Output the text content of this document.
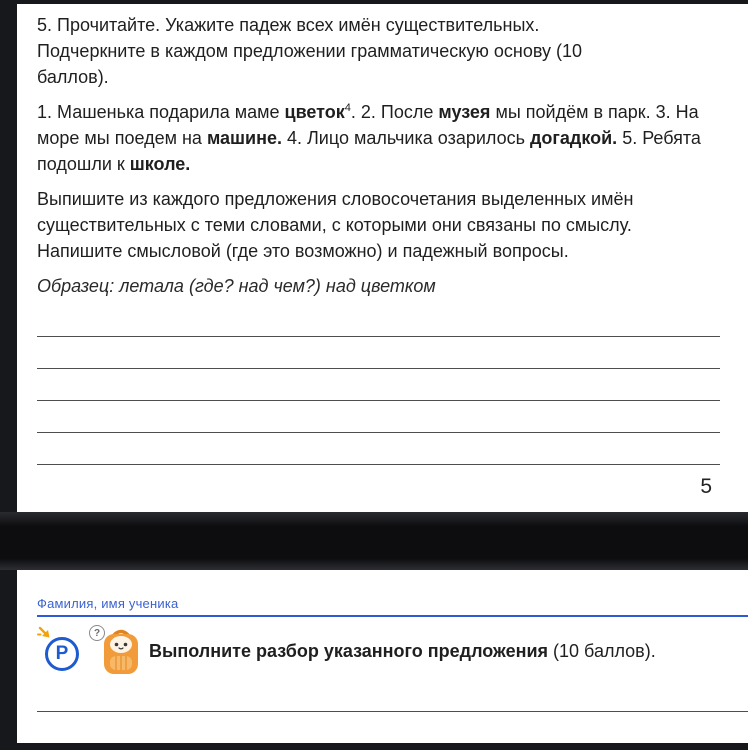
5. Прочитайте. Укажите падеж всех имён существительных. Подчеркните в каждом предложении грамматическую основу (10 баллов).

1. Машенька подарила маме цветок$^4$. 2. После музея мы пойдём в парк. 3. На море мы поедем на машине. 4. Лицо мальчика озарилось догадкой. 5. Ребята подошли к школе.

Выпишите из каждого предложения словосочетания выделенных имён существительных с теми словами, с которыми они связаны по смыслу. Напишите смысловой (где это возможно) и падежный вопросы.

Образец: летала (где? над чем?) над цветком

5
Фамилия, имя ученика
P
?
Выполните разбор указанного предложения (10 баллов).
